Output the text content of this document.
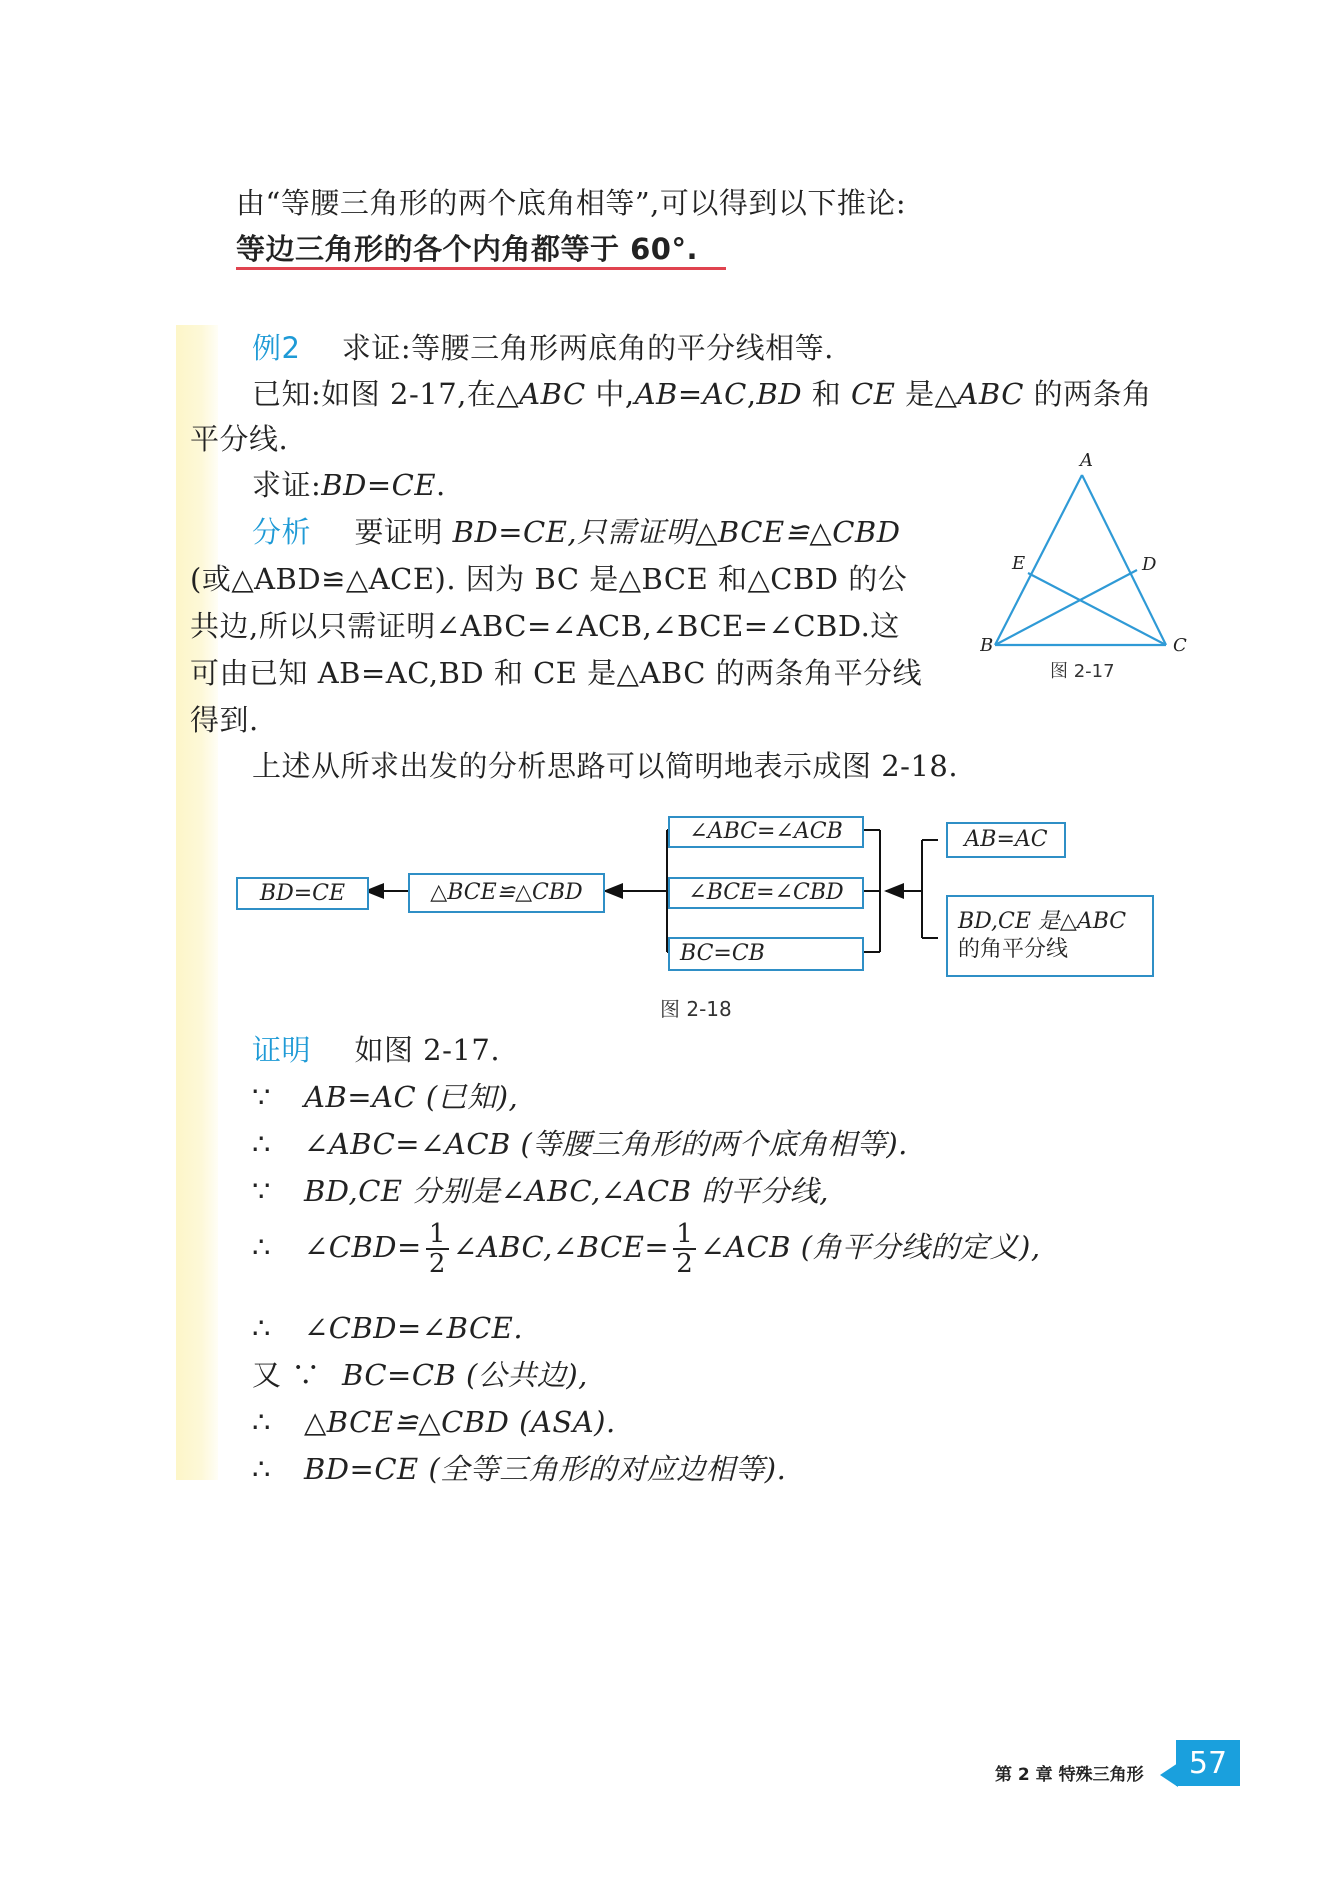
由“等腰三角形的两个底角相等”,可以得到以下推论:
等边三角形的各个内角都等于 60°.
例2 求证:等腰三角形两底角的平分线相等.
已知:如图 2-17,在△ABC 中,AB=AC,BD 和 CE 是△ABC 的两条角
平分线.
求证:BD=CE.
分析 要证明 BD=CE,只需证明△BCE≌△CBD
(或△ABD≌△ACE). 因为 BC 是△BCE 和△CBD 的公
共边,所以只需证明∠ABC=∠ACB,∠BCE=∠CBD.这
可由已知 AB=AC,BD 和 CE 是△ABC 的两条角平分线
得到.
上述从所求出发的分析思路可以简明地表示成图 2-18.
A
B	C
D
E
图 2-17
BD=CE	△BCE≌△CBD
∠ABC=∠ACB
∠BCE=∠CBD
BC=CB
AB=AC
BD,CE 是△ABC
的角平分线
图 2-18
证明 如图 2-17.
∵ AB=AC (已知),
∴ ∠ABC=∠ACB (等腰三角形的两个底角相等).
∵ BD,CE 分别是∠ABC,∠ACB 的平分线,
∴ ∠CBD= $\frac{1}{2}$ ∠ABC,∠BCE= $\frac{1}{2}$ ∠ACB (角平分线的定义),
∴ ∠CBD=∠BCE.
又 ∵ BC=CB (公共边),
∴ △BCE≌△CBD (ASA).
∴ BD=CE (全等三角形的对应边相等).
第 2 章 特殊三角形	57
